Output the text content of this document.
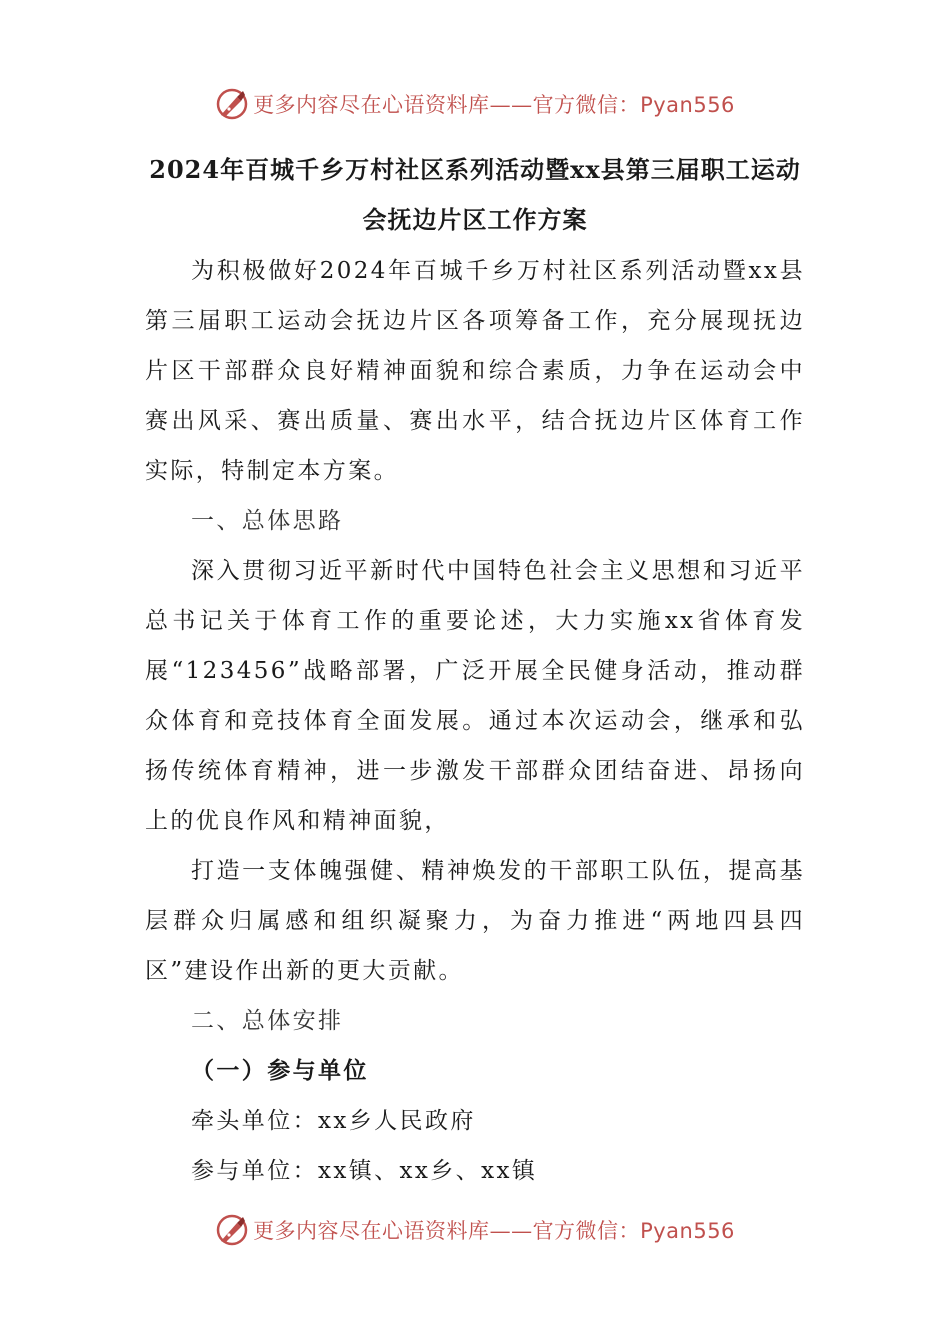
更多内容尽在心语资料库——官方微信：Pyan556
2024年百城千乡万村社区系列活动暨xx县第三届职工运动
会抚边片区工作方案

为积极做好2024年百城千乡万村社区系列活动暨xx县第三届职工运动会抚边片区各项筹备工作，充分展现抚边片区干部群众良好精神面貌和综合素质，力争在运动会中赛出风采、赛出质量、赛出水平，结合抚边片区体育工作实际，特制定本方案。

一、总体思路

深入贯彻习近平新时代中国特色社会主义思想和习近平总书记关于体育工作的重要论述，大力实施xx省体育发展“123456”战略部署，广泛开展全民健身活动，推动群众体育和竞技体育全面发展。通过本次运动会，继承和弘扬传统体育精神，进一步激发干部群众团结奋进、昂扬向上的优良作风和精神面貌，

打造一支体魄强健、精神焕发的干部职工队伍，提高基层群众归属感和组织凝聚力，为奋力推进“两地四县四区”建设作出新的更大贡献。

二、总体安排

（一）参与单位

牵头单位：xx乡人民政府

参与单位：xx镇、xx乡、xx镇

更多内容尽在心语资料库——官方微信：Pyan556
